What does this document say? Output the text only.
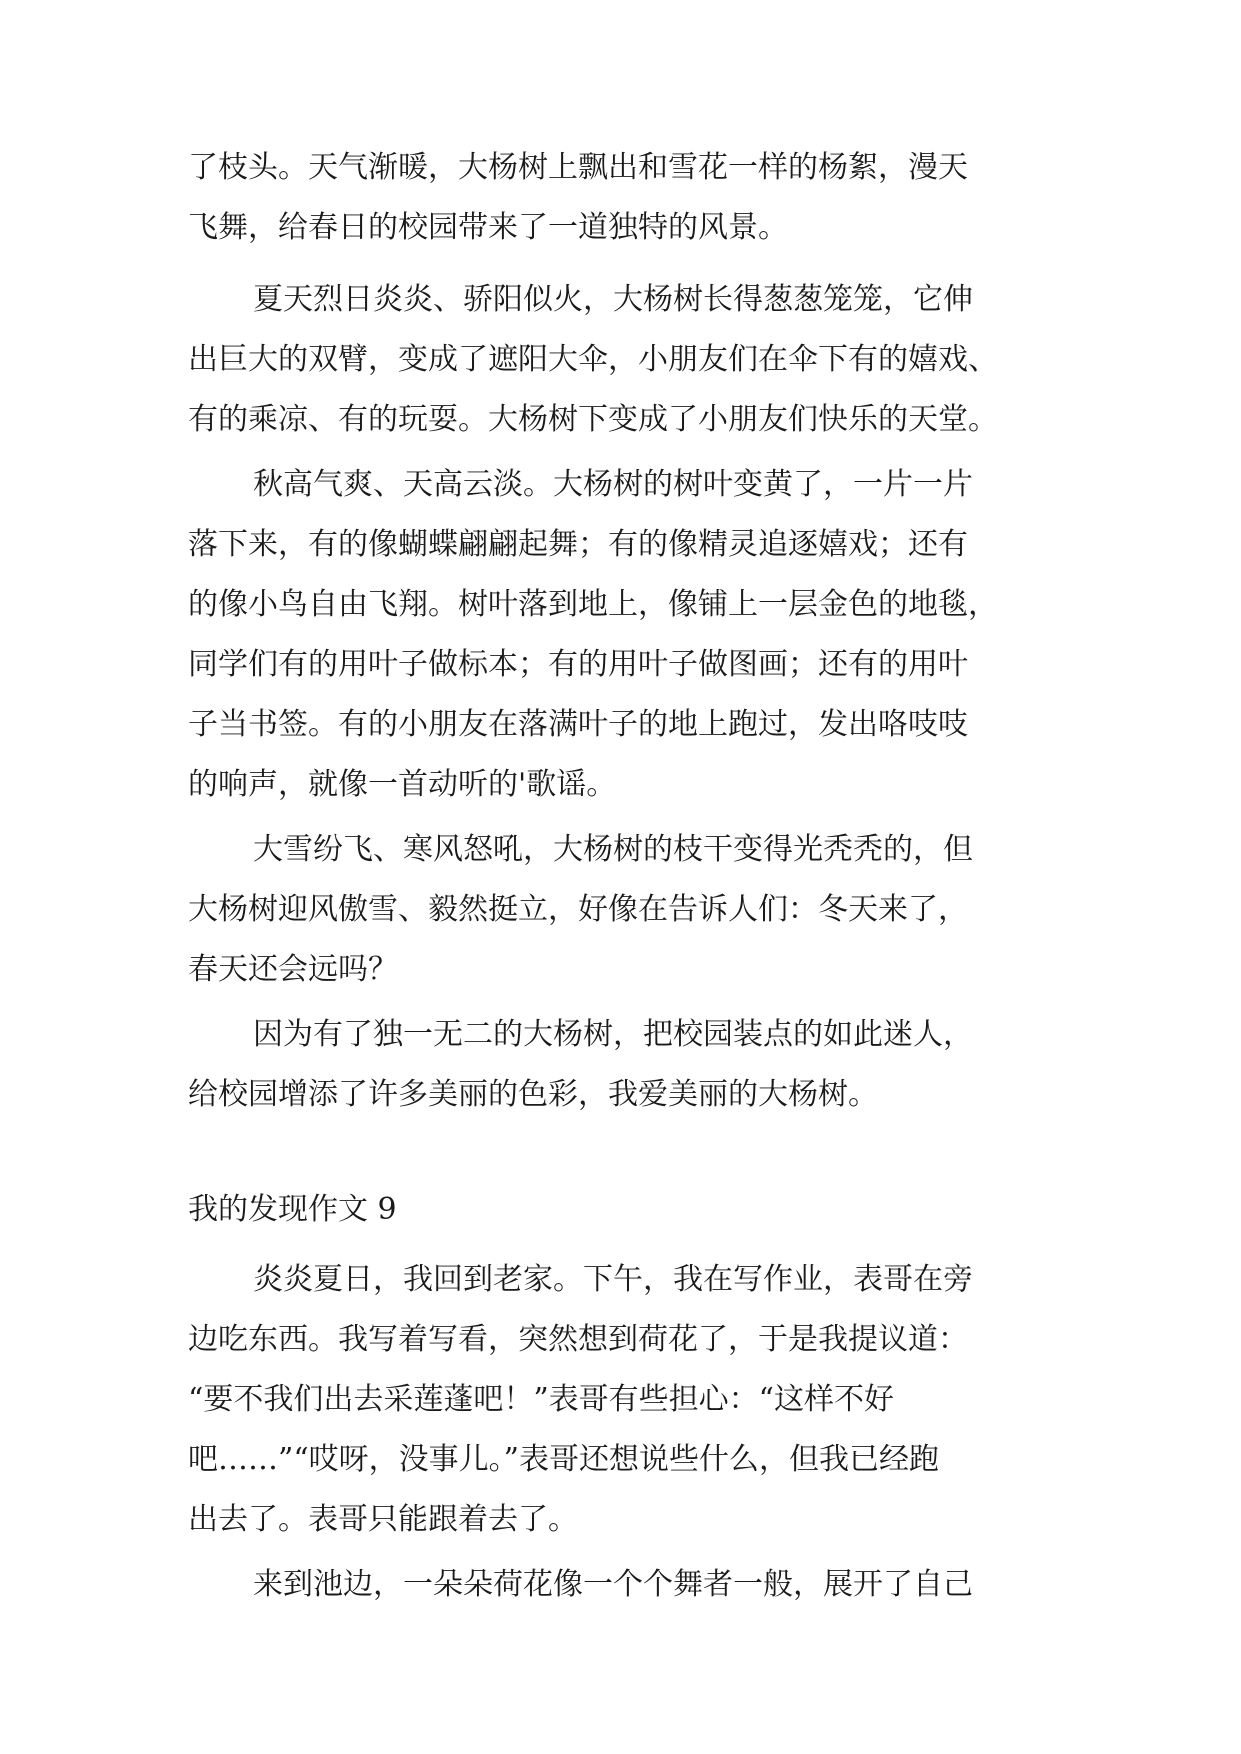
了枝头。天气渐暖，大杨树上飘出和雪花一样的杨絮，漫天
飞舞，给春日的校园带来了一道独特的风景。
夏天烈日炎炎、骄阳似火，大杨树长得葱葱笼笼，它伸
出巨大的双臂，变成了遮阳大伞，小朋友们在伞下有的嬉戏、
有的乘凉、有的玩耍。大杨树下变成了小朋友们快乐的天堂。
秋高气爽、天高云淡。大杨树的树叶变黄了，一片一片
落下来，有的像蝴蝶翩翩起舞；有的像精灵追逐嬉戏；还有
的像小鸟自由飞翔。树叶落到地上，像铺上一层金色的地毯，
同学们有的用叶子做标本；有的用叶子做图画；还有的用叶
子当书签。有的小朋友在落满叶子的地上跑过，发出咯吱吱
的响声，就像一首动听的'歌谣。
大雪纷飞、寒风怒吼，大杨树的枝干变得光秃秃的，但
大杨树迎风傲雪、毅然挺立，好像在告诉人们：冬天来了，
春天还会远吗？
因为有了独一无二的大杨树，把校园装点的如此迷人，
给校园增添了许多美丽的色彩，我爱美丽的大杨树。
我的发现作文 9
炎炎夏日，我回到老家。下午，我在写作业，表哥在旁
边吃东西。我写着写看，突然想到荷花了，于是我提议道：
“要不我们出去采莲蓬吧！”表哥有些担心：“这样不好
吧……”“哎呀，没事儿。”表哥还想说些什么，但我已经跑
出去了。表哥只能跟着去了。
来到池边，一朵朵荷花像一个个舞者一般，展开了自己
